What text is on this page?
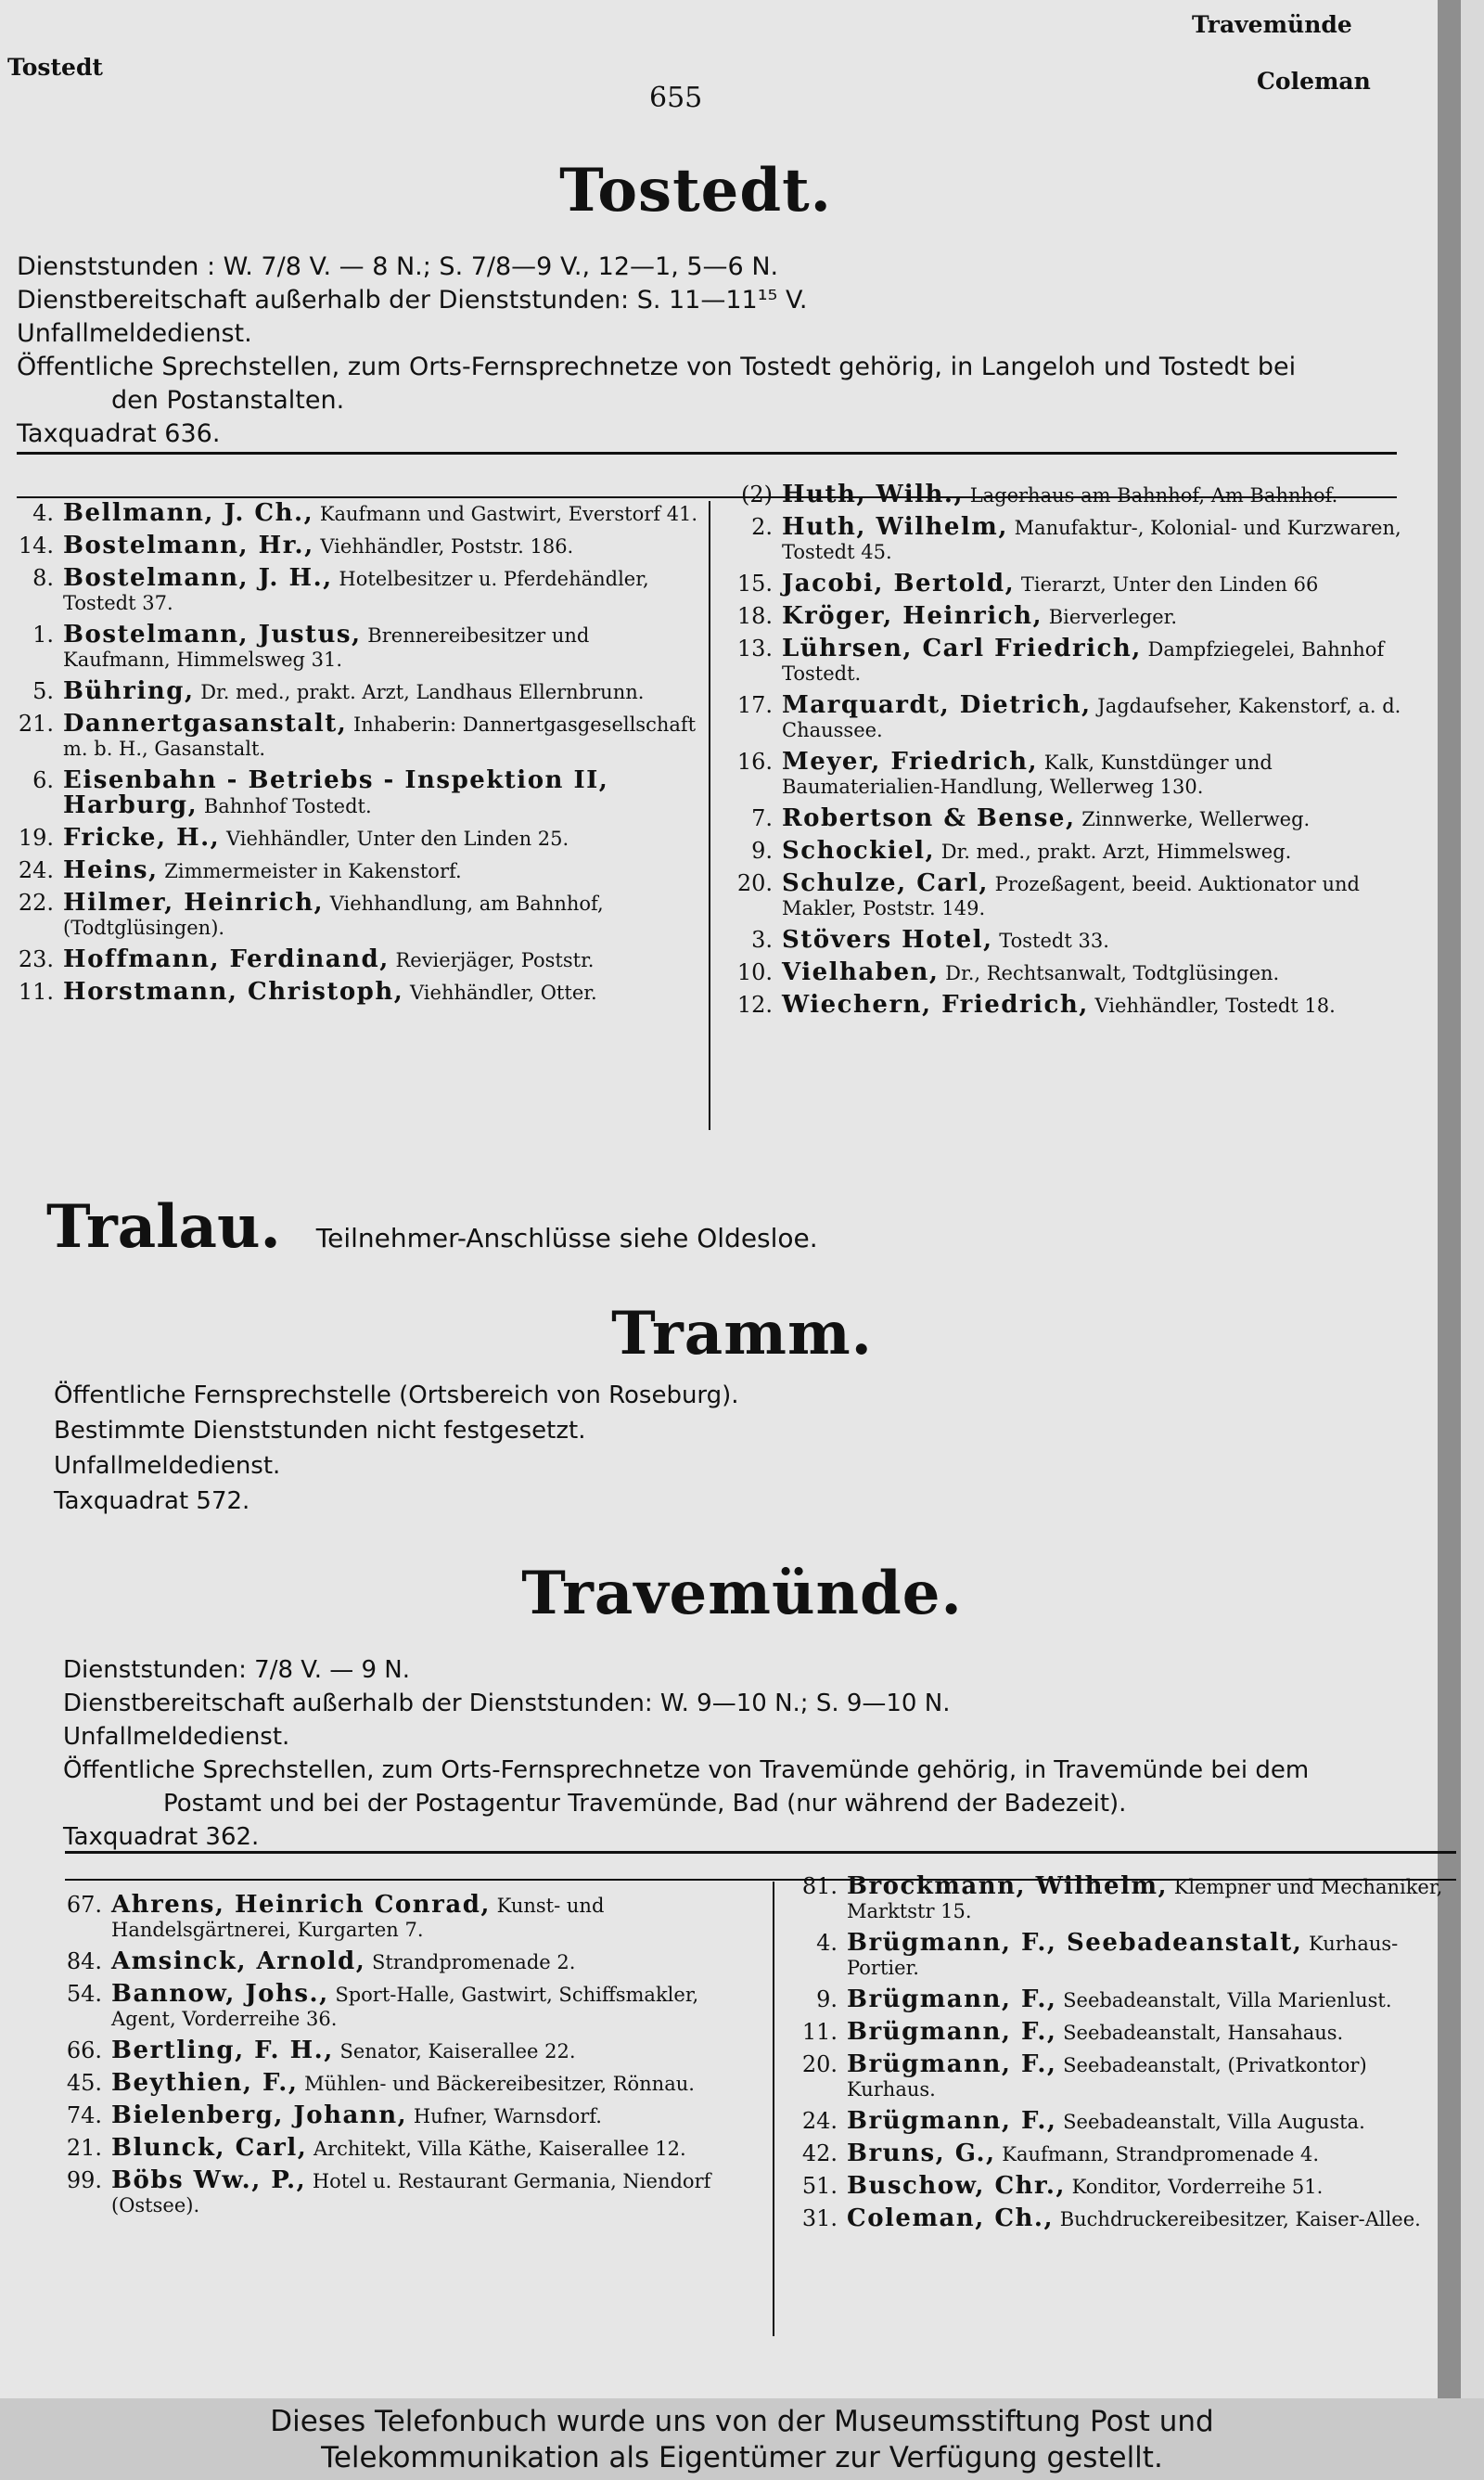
Tostedt
655
Travemünde
Coleman
Tostedt.

Dienststunden : W. 7/8 V. — 8 N.; S. 7/8—9 V., 12—1, 5—6 N.

Dienstbereitschaft außerhalb der Dienststunden: S. 11—11¹⁵ V.

Unfallmeldedienst.

Öffentliche Sprechstellen, zum Orts-Fernsprechnetze von Tostedt gehörig, in Langeloh und Tostedt bei

den Postanstalten.

Taxquadrat 636.

4. Bellmann, J. Ch., Kaufmann und Gastwirt, Everstorf 41.
14. Bostelmann, Hr., Viehhändler, Poststr. 186.
8. Bostelmann, J. H., Hotelbesitzer u. Pferdehändler, Tostedt 37.
1. Bostelmann, Justus, Brennereibesitzer und Kaufmann, Himmelsweg 31.
5. Bühring, Dr. med., prakt. Arzt, Landhaus Ellernbrunn.
21. Dannertgasanstalt, Inhaberin: Dannertgasgesellschaft m. b. H., Gasanstalt.
6. Eisenbahn - Betriebs - Inspektion II, Harburg, Bahnhof Tostedt.
19. Fricke, H., Viehhändler, Unter den Linden 25.
24. Heins, Zimmermeister in Kakenstorf.
22. Hilmer, Heinrich, Viehhandlung, am Bahnhof, (Todtglüsingen).
23. Hoffmann, Ferdinand, Revierjäger, Poststr.
11. Horstmann, Christoph, Viehhändler, Otter.
(2) Huth, Wilh., Lagerhaus am Bahnhof, Am Bahnhof.
2. Huth, Wilhelm, Manufaktur-, Kolonial- und Kurzwaren, Tostedt 45.
15. Jacobi, Bertold, Tierarzt, Unter den Linden 66
18. Kröger, Heinrich, Bierverleger.
13. Lührsen, Carl Friedrich, Dampfziegelei, Bahnhof Tostedt.
17. Marquardt, Dietrich, Jagdaufseher, Kakenstorf, a. d. Chaussee.
16. Meyer, Friedrich, Kalk, Kunstdünger und Baumaterialien-Handlung, Wellerweg 130.
7. Robertson & Bense, Zinnwerke, Wellerweg.
9. Schockiel, Dr. med., prakt. Arzt, Himmelsweg.
20. Schulze, Carl, Prozeßagent, beeid. Auktionator und Makler, Poststr. 149.
3. Stövers Hotel, Tostedt 33.
10. Vielhaben, Dr., Rechtsanwalt, Todtglüsingen.
12. Wiechern, Friedrich, Viehhändler, Tostedt 18.
Tralau. Teilnehmer-Anschlüsse siehe Oldesloe.
Tramm.

Öffentliche Fernsprechstelle (Ortsbereich von Roseburg).

Bestimmte Dienststunden nicht festgesetzt.

Unfallmeldedienst.

Taxquadrat 572.

Travemünde.

Dienststunden: 7/8 V. — 9 N.

Dienstbereitschaft außerhalb der Dienststunden: W. 9—10 N.; S. 9—10 N.

Unfallmeldedienst.

Öffentliche Sprechstellen, zum Orts-Fernsprechnetze von Travemünde gehörig, in Travemünde bei dem

Postamt und bei der Postagentur Travemünde, Bad (nur während der Badezeit).

Taxquadrat 362.

67. Ahrens, Heinrich Conrad, Kunst- und Handelsgärtnerei, Kurgarten 7.
84. Amsinck, Arnold, Strandpromenade 2.
54. Bannow, Johs., Sport-Halle, Gastwirt, Schiffsmakler, Agent, Vorderreihe 36.
66. Bertling, F. H., Senator, Kaiserallee 22.
45. Beythien, F., Mühlen- und Bäckereibesitzer, Rönnau.
74. Bielenberg, Johann, Hufner, Warnsdorf.
21. Blunck, Carl, Architekt, Villa Käthe, Kaiserallee 12.
99. Böbs Ww., P., Hotel u. Restaurant Germania, Niendorf (Ostsee).
81. Brockmann, Wilhelm, Klempner und Mechaniker, Marktstr 15.
4. Brügmann, F., Seebadeanstalt, Kurhaus-Portier.
9. Brügmann, F., Seebadeanstalt, Villa Marienlust.
11. Brügmann, F., Seebadeanstalt, Hansahaus.
20. Brügmann, F., Seebadeanstalt, (Privatkontor) Kurhaus.
24. Brügmann, F., Seebadeanstalt, Villa Augusta.
42. Bruns, G., Kaufmann, Strandpromenade 4.
51. Buschow, Chr., Konditor, Vorderreihe 51.
31. Coleman, Ch., Buchdruckereibesitzer, Kaiser-Allee.
Dieses Telefonbuch wurde uns von der Museumsstiftung Post und
Telekommunikation als Eigentümer zur Verfügung gestellt.
